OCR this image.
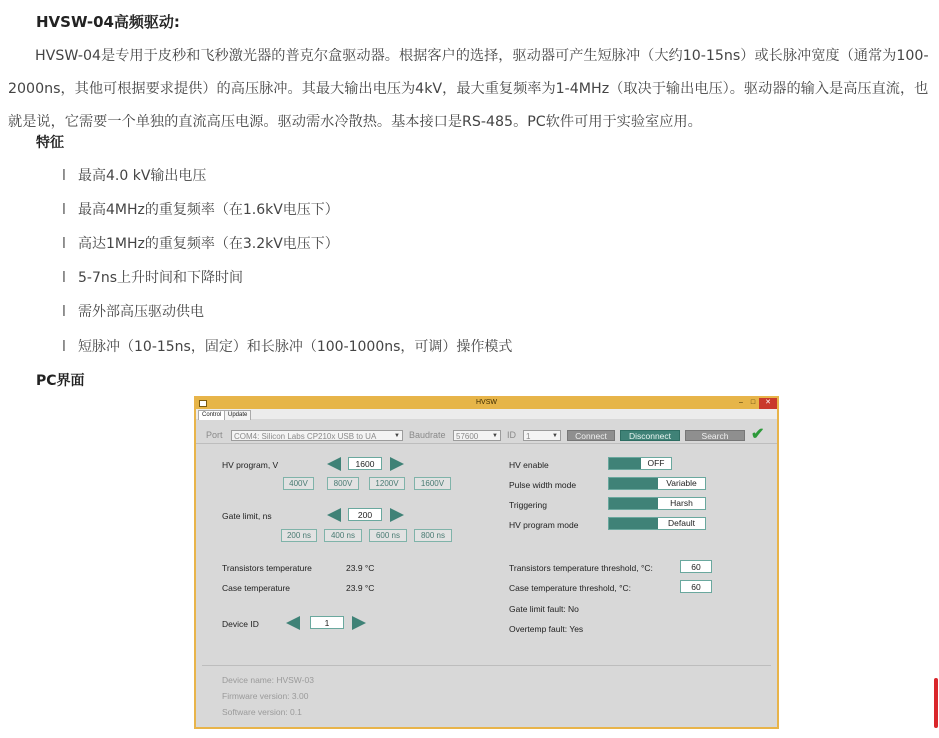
HVSW-04高频驱动:
HVSW-04是专用于皮秒和飞秒激光器的普克尔盒驱动器。根据客户的选择，驱动器可产生短脉冲（大约10-15ns）或长脉冲宽度（通常为100-2000ns，其他可根据要求提供）的高压脉冲。其最大输出电压为4kV，最大重复频率为1-4MHz（取决于输出电压）。驱动器的输入是高压直流，也就是说，它需要一个单独的直流高压电源。驱动需水冷散热。基本接口是RS-485。PC软件可用于实验室应用。
特征
l 最高4.0 kV输出电压
l 最高4MHz的重复频率（在1.6kV电压下）
l 高达1MHz的重复频率（在3.2kV电压下）
l 5-7ns上升时间和下降时间
l 需外部高压驱动供电
l 短脉冲（10-15ns，固定）和长脉冲（100-1000ns，可调）操作模式
PC界面
HVSW	–	□	✕
Control	Update
Port	COM4: Silicon Labs CP210x USB to UA	▼ Baudrate	57600 ▼ ID	1	▼	Connect	Disconnect	Search	✔
HV program, V	1600
400V	800V	1200V	1600V
Gate limit, ns	200
200 ns	400 ns	600 ns	800 ns
Transistors temperature	23.9 °C
Case temperature	23.9 °C
Device ID	1
HV enable	OFF
Pulse width mode	Variable
Triggering	Harsh
HV program mode	Default
Transistors temperature threshold, °C:	60
Case temperature threshold, °C:	60
Gate limit fault: No
Overtemp fault: Yes
Device name: HVSW-03
Firmware version: 3.00
Software version: 0.1
